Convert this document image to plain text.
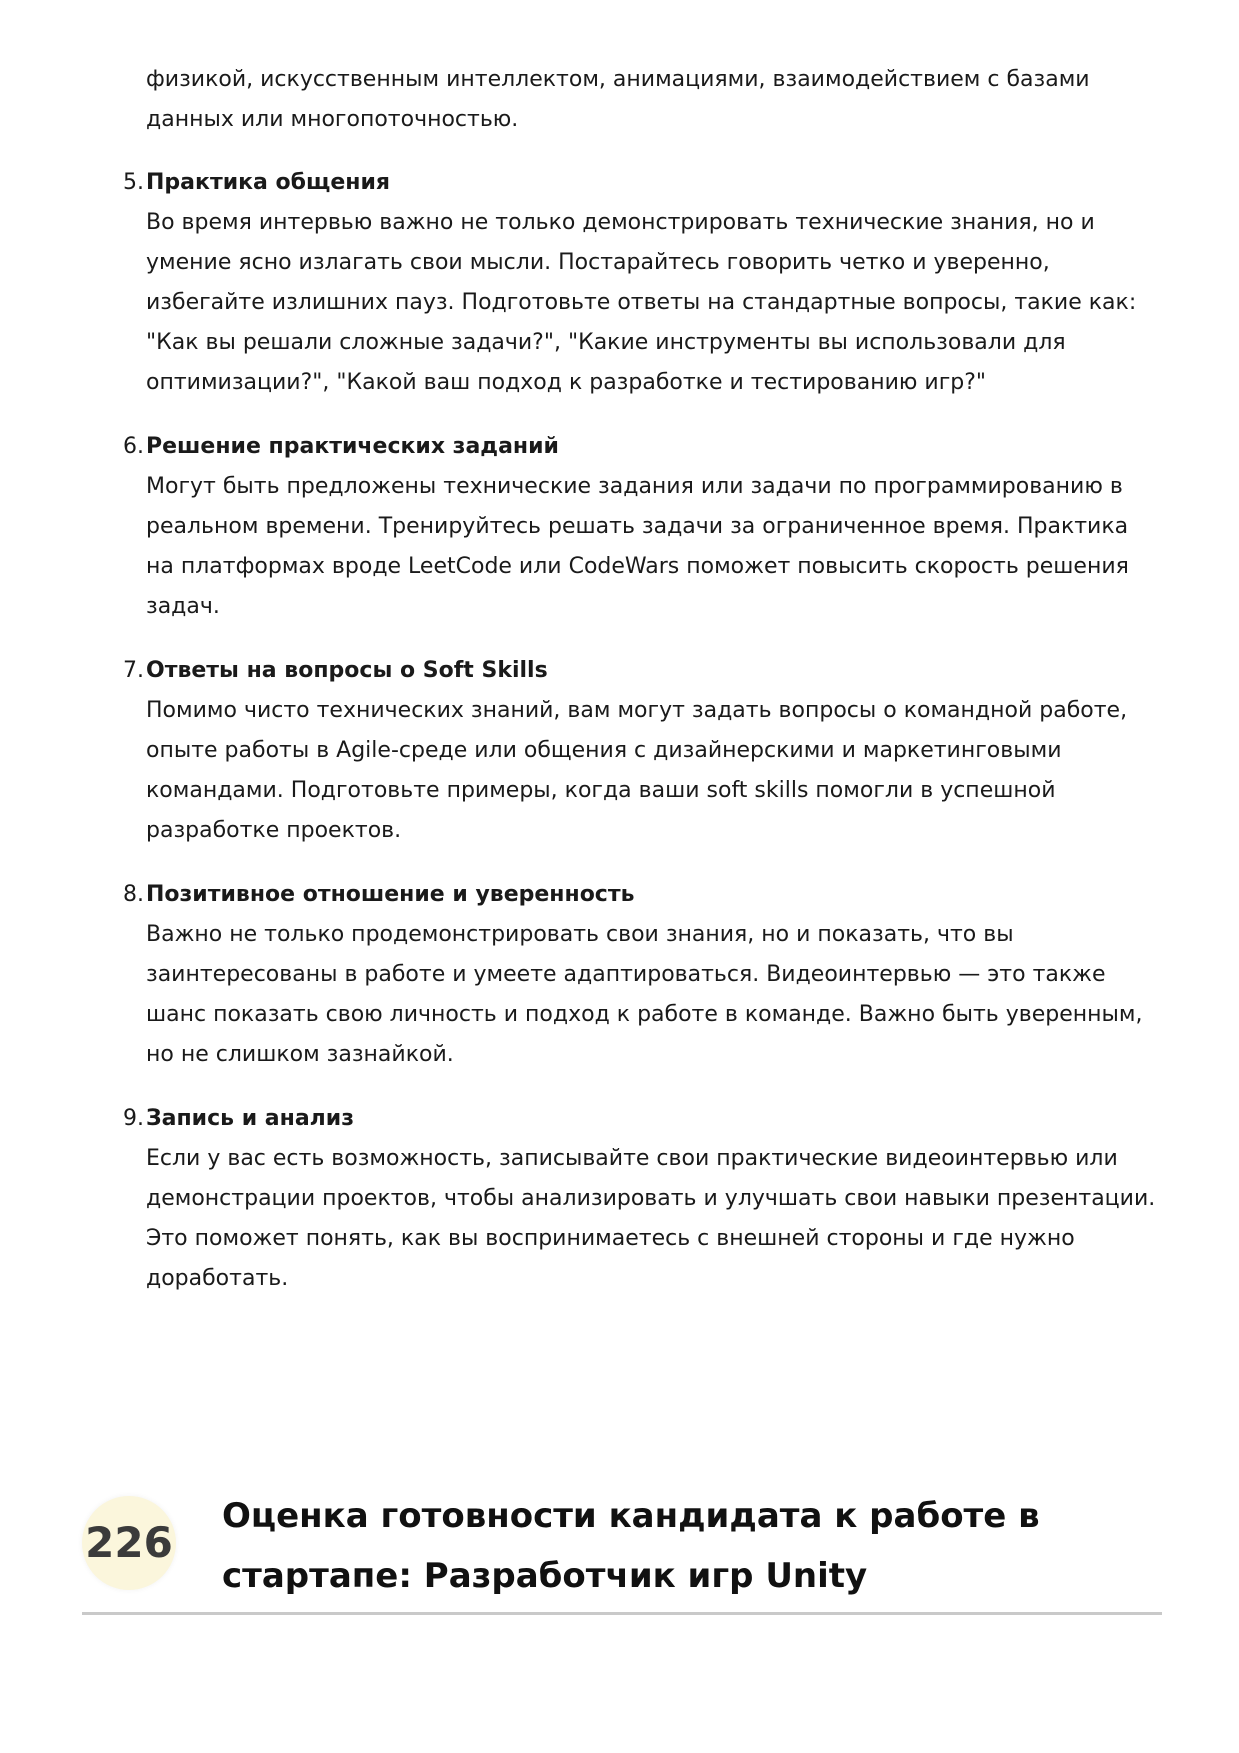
физикой, искусственным интеллектом, анимациями, взаимодействием с базами данных или многопоточностью.

5. Практика общения

Во время интервью важно не только демонстрировать технические знания, но и умение ясно излагать свои мысли. Постарайтесь говорить четко и уверенно, избегайте излишних пауз. Подготовьте ответы на стандартные вопросы, такие как: "Как вы решали сложные задачи?", "Какие инструменты вы использовали для оптимизации?", "Какой ваш подход к разработке и тестированию игр?"

6. Решение практических заданий

Могут быть предложены технические задания или задачи по программированию в реальном времени. Тренируйтесь решать задачи за ограниченное время. Практика на платформах вроде LeetCode или CodeWars поможет повысить скорость решения задач.

7. Ответы на вопросы о Soft Skills

Помимо чисто технических знаний, вам могут задать вопросы о командной работе, опыте работы в Agile-среде или общения с дизайнерскими и маркетинговыми командами. Подготовьте примеры, когда ваши soft skills помогли в успешной разработке проектов.

8. Позитивное отношение и уверенность

Важно не только продемонстрировать свои знания, но и показать, что вы заинтересованы в работе и умеете адаптироваться. Видеоинтервью — это также шанс показать свою личность и подход к работе в команде. Важно быть уверенным, но не слишком зазнайкой.

9. Запись и анализ

Если у вас есть возможность, записывайте свои практические видеоинтервью или демонстрации проектов, чтобы анализировать и улучшать свои навыки презентации. Это поможет понять, как вы воспринимаетесь с внешней стороны и где нужно доработать.

226
Оценка готовности кандидата к работе в стартапе: Разработчик игр Unity
